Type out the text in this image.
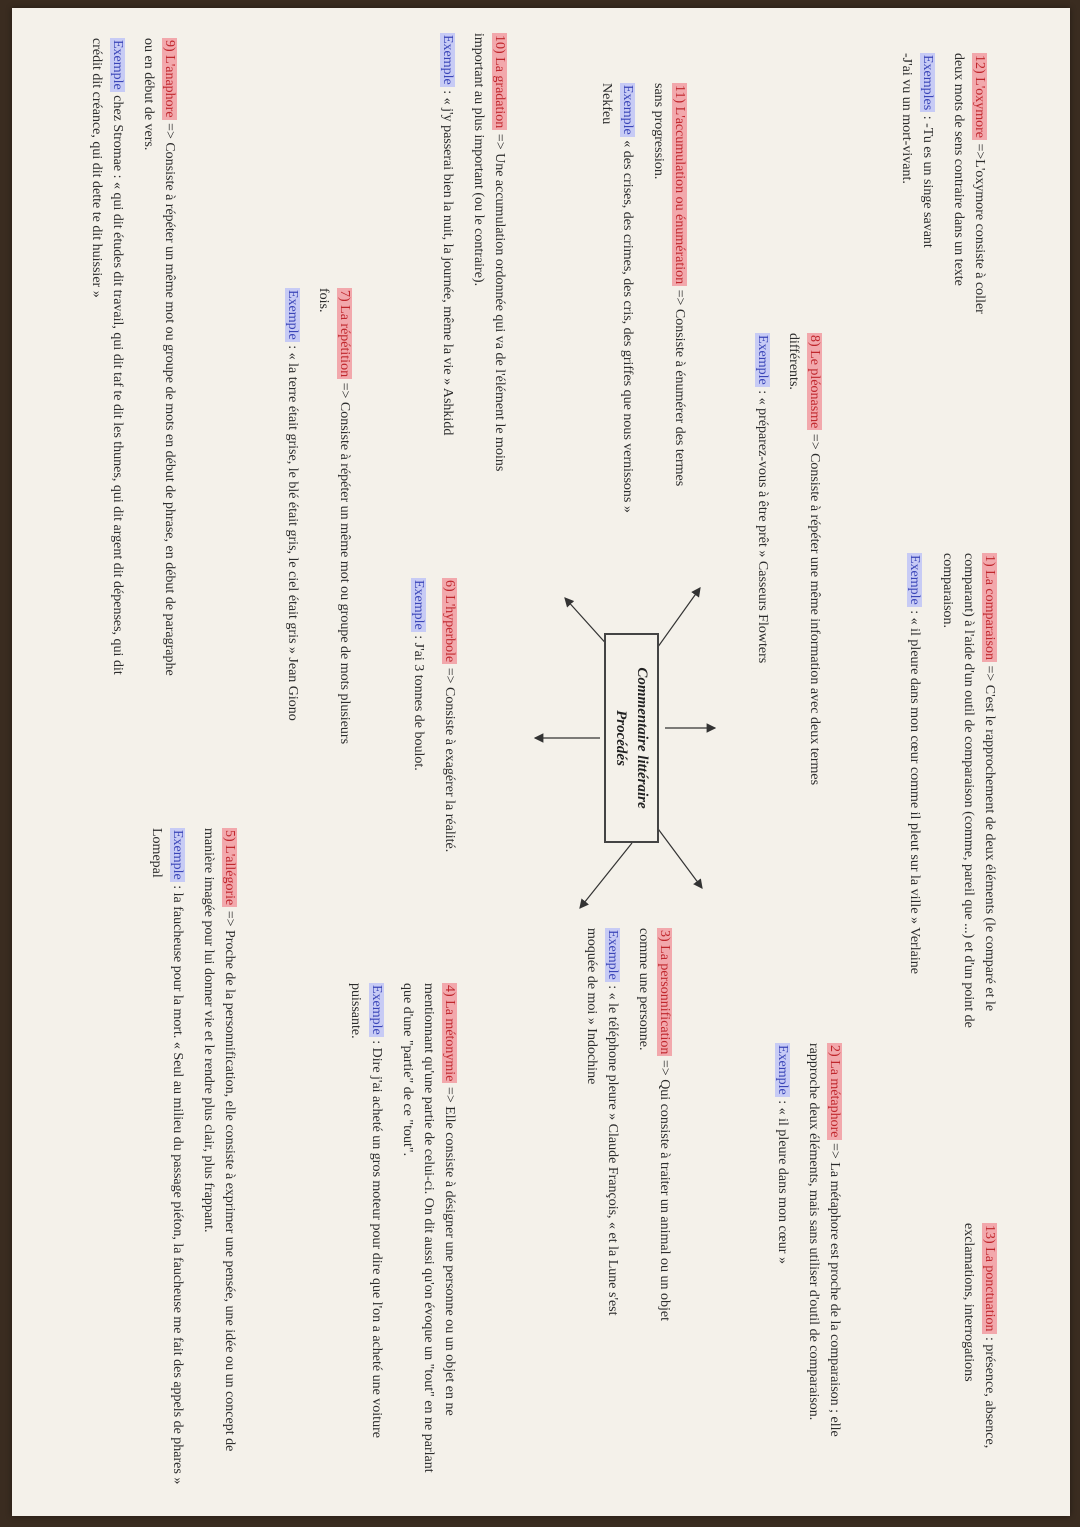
Commentaire littéraire
Procédés

12) L'oxymore =>L'oxymore consiste à coller deux mots de sens contraire dans un texte

Exemples : -Tu es un singe savant

-J'ai vu un mort-vivant.

1) La comparaison => C'est le rapprochement de deux éléments (le comparé et le comparant) à l'aide d'un outil de comparaison (comme, pareil que ...) et d'un point de comparaison.

Exemple : « il pleure dans mon cœur comme il pleut sur la ville » Verlaine

13) La ponctuation : présence, absence, exclamations, interrogations

11) L'accumulation ou énumération => Consiste à énumérer des termes sans progression.

Exemple « des crises, des crimes, des cris, des griffes que nous vernissons » Nekfeu

8) Le pléonasme => Consiste à répéter une même information avec deux termes différents.

Exemple : « préparez-vous à être prêt » Casseurs Flowters

2) La métaphore => La métaphore est proche de la comparaison ; elle rapproche deux éléments, mais sans utiliser d'outil de comparaison.

Exemple : « il pleure dans mon cœur »

10) La gradation => Une accumulation ordonnée qui va de l'élément le moins important au plus important (ou le contraire).

Exemple : « j'y passerai bien la nuit, la journée, même la vie » Ashkidd

6) L'hyperbole => Consiste à exagérer la réalité.

Exemple : J'ai 3 tonnes de boulot.

3) La personnification => Qui consiste à traiter un animal ou un objet comme une personne.

Exemple : « le téléphone pleure » Claude François, « et la Lune s'est moquée de moi » Indochine

4) La métonymie => Elle consiste à désigner une personne ou un objet en ne mentionnant qu'une partie de celui-ci. On dit aussi qu'on évoque un "tout" en ne parlant que d'une "partie" de ce "tout".

Exemple : Dire j'ai acheté un gros moteur pour dire que l'on a acheté une voiture puissante.

7) La répétition => Consiste à répéter un même mot ou groupe de mots plusieurs fois.

Exemple : « la terre était grise, le blé était gris, le ciel était gris » Jean Giono

5) L'allégorie => Proche de la personnification, elle consiste à exprimer une pensée, une idée ou un concept de manière imagée pour lui donner vie et le rendre plus clair, plus frappant.

Exemple : la faucheuse pour la mort. « Seul au milieu du passage piéton, la faucheuse me fait des appels de phares » Lomepal

9) L'anaphore => Consiste à répéter un même mot ou groupe de mots en début de phrase, en début de paragraphe ou en début de vers.

Exemple chez Stromae : « qui dit études dit travail, qui dit taf te dit les thunes, qui dit argent dit dépenses, qui dit crédit dit créance, qui dit dette te dit huissier »
